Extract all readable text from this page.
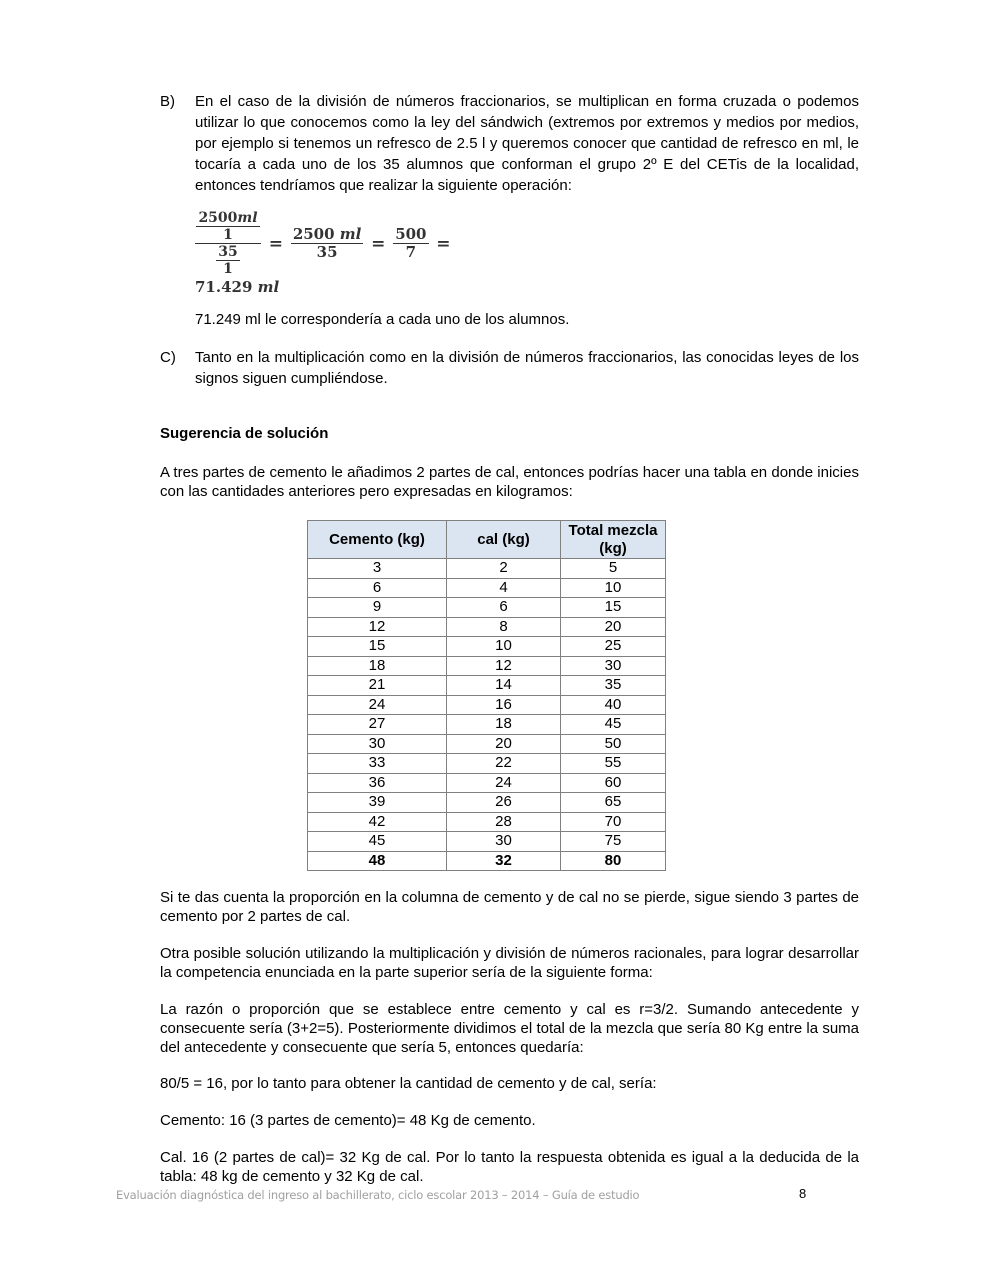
B)	En el caso de la división de números fraccionarios, se multiplican en forma cruzada o podemos utilizar lo que conocemos como la ley del sándwich (extremos por extremos y medios por medios, por ejemplo si tenemos un refresco de 2.5 l y queremos conocer que cantidad de refresco en ml, le tocaría a cada uno de los 35 alumnos que conforman el grupo 2º E del CETis de la localidad, entonces tendríamos que realizar la siguiente operación:
$\frac{\frac{2500ml}{1}}{\frac{35}{1}} = \frac{2500 ml}{35} = \frac{500}{7} = 71.429$ ml
71.249 ml le correspondería a cada uno de los alumnos.
C)	Tanto en la multiplicación como en la división de números fraccionarios, las conocidas leyes de los signos siguen cumpliéndose.
Sugerencia de solución
A tres partes de cemento le añadimos 2 partes de cal, entonces podrías hacer una tabla en donde inicies con las cantidades anteriores pero expresadas en kilogramos:
Cemento (kg)	cal (kg)	Total mezcla (kg)
3	2	5
6	4	10
9	6	15
12	8	20
15	10	25
18	12	30
21	14	35
24	16	40
27	18	45
30	20	50
33	22	55
36	24	60
39	26	65
42	28	70
45	30	75
48	32	80
Si te das cuenta la proporción en la columna de cemento y de cal no se pierde, sigue siendo 3 partes de cemento por 2 partes de cal.
Otra posible solución utilizando la multiplicación y división de números racionales, para lograr desarrollar la competencia enunciada en la parte superior sería de la siguiente forma:
La razón o proporción que se establece entre cemento y cal es r=3/2. Sumando antecedente y consecuente sería (3+2=5). Posteriormente dividimos el total de la mezcla que sería 80 Kg entre la suma del antecedente y consecuente que sería 5, entonces quedaría:
80/5 = 16, por lo tanto para obtener la cantidad de cemento y de cal, sería:
Cemento: 16 (3 partes de cemento)= 48 Kg de cemento.
Cal. 16 (2 partes de cal)= 32 Kg de cal. Por lo tanto la respuesta obtenida es igual a la deducida de la tabla: 48 kg de cemento y 32 Kg de cal.
Evaluación diagnóstica del ingreso al bachillerato, ciclo escolar 2013 – 2014 – Guía de estudio	8
